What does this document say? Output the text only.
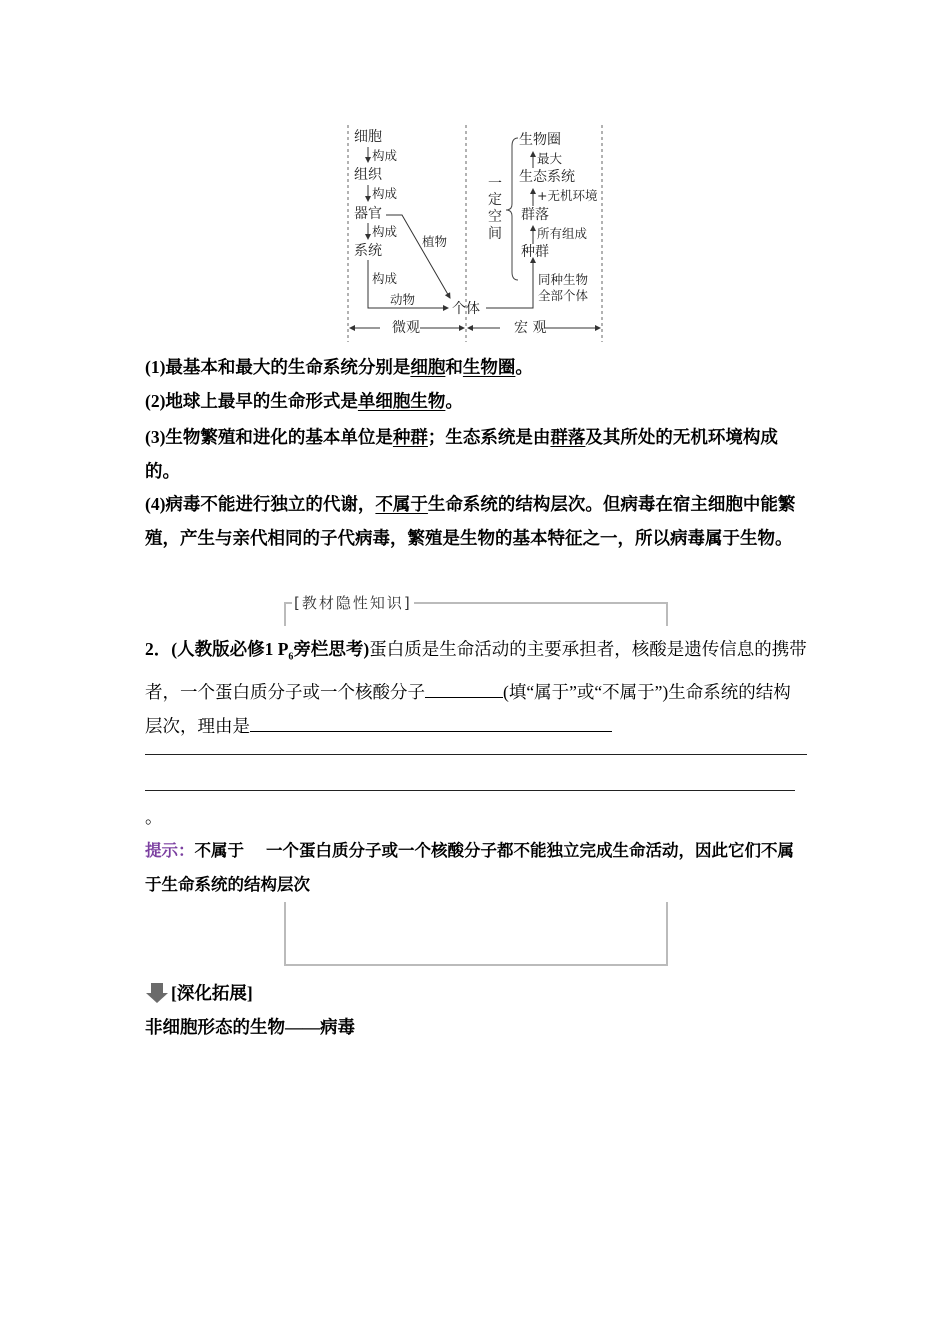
细胞
构成
组织
构成
器官
构成
系统
构成
植物
动物
个体
生物圈
最大
生态系统
+无机环境
群落
所有组成
种群
同种生物
全部个体
一
定
空
间
微观	宏 观
(1)最基本和最大的生命系统分别是细胞和生物圈。
(2)地球上最早的生命形式是单细胞生物。
(3)生物繁殖和进化的基本单位是种群；生态系统是由群落及其所处的无机环境构成的。
(4)病毒不能进行独立的代谢，不属于生命系统的结构层次。但病毒在宿主细胞中能繁殖，产生与亲代相同的子代病毒，繁殖是生物的基本特征之一，所以病毒属于生物。
[教材隐性知识]
2．(人教版必修1 $P_6$旁栏思考)蛋白质是生命活动的主要承担者，核酸是遗传信息的携带者，一个蛋白质分子或一个核酸分子	(填“属于”或“不属于”)生命系统的结构层次，理由是
。
提示：不属于 一个蛋白质分子或一个核酸分子都不能独立完成生命活动，因此它们不属于生命系统的结构层次
[深化拓展]
非细胞形态的生物——病毒
